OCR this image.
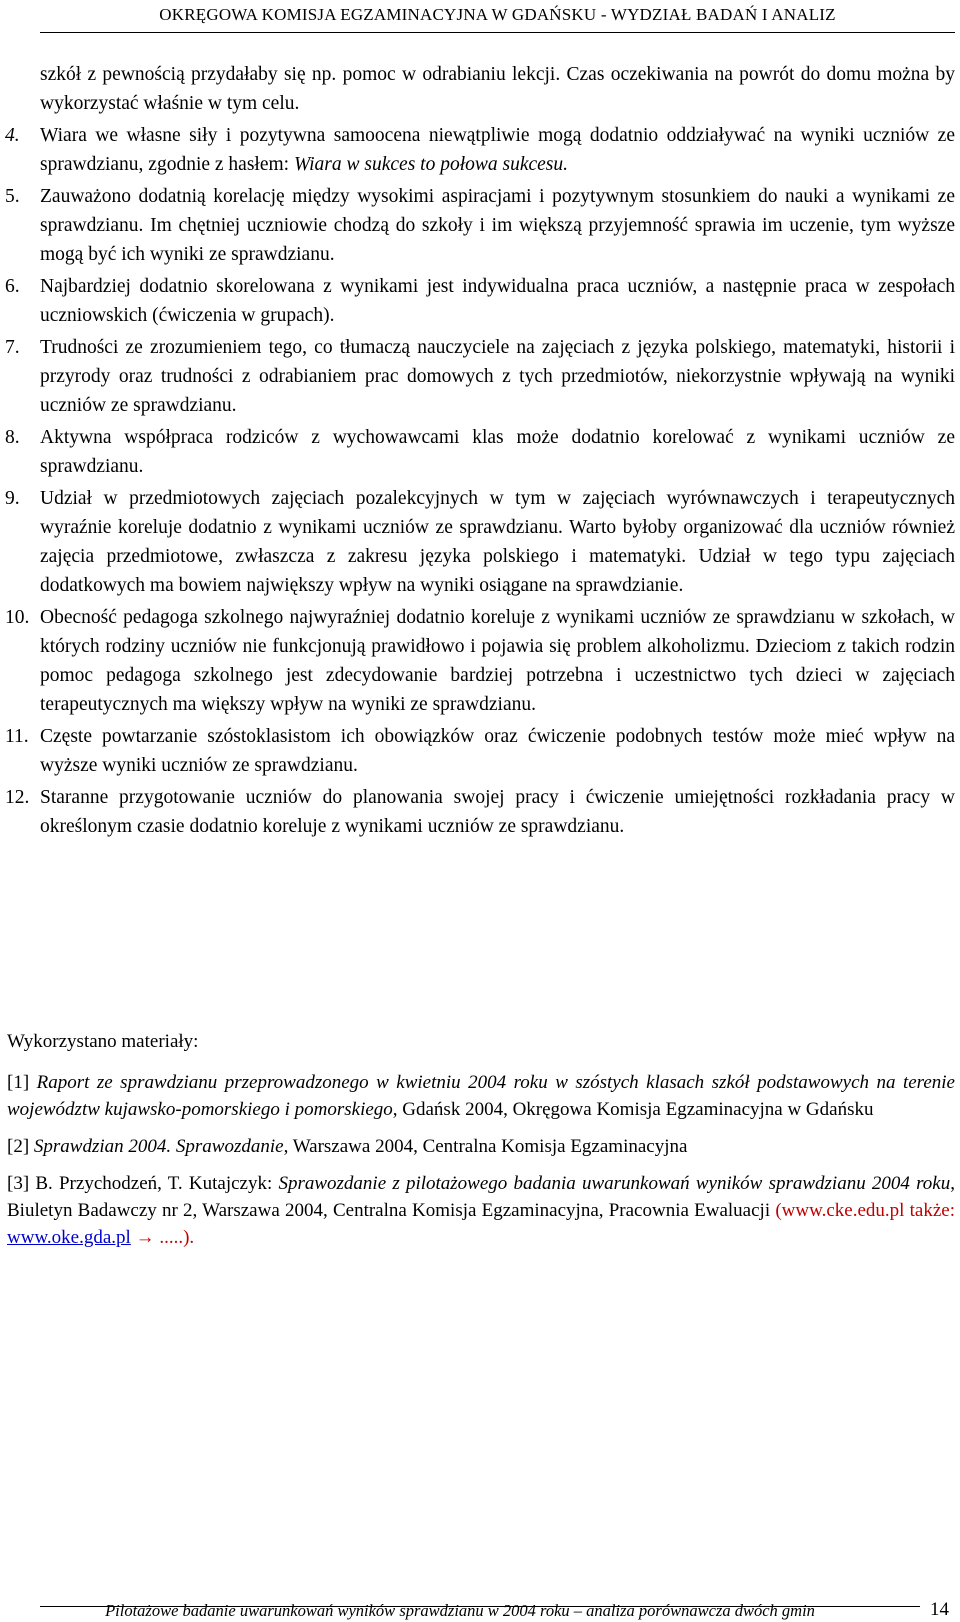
OKRĘGOWA KOMISJA EGZAMINACYJNA W GDAŃSKU - WYDZIAŁ BADAŃ I ANALIZ

szkół z pewnością przydałaby się np. pomoc w odrabianiu lekcji. Czas oczekiwania na powrót do domu można by wykorzystać właśnie w tym celu.

4.	Wiara we własne siły i pozytywna samoocena niewątpliwie mogą dodatnio oddziaływać na wyniki uczniów ze sprawdzianu, zgodnie z hasłem: Wiara w sukces to połowa sukcesu.
5.	Zauważono dodatnią korelację między wysokimi aspiracjami i pozytywnym stosunkiem do nauki a wynikami ze sprawdzianu. Im chętniej uczniowie chodzą do szkoły i im większą przyjemność sprawia im uczenie, tym wyższe mogą być ich wyniki ze sprawdzianu.
6.	Najbardziej dodatnio skorelowana z wynikami jest indywidualna praca uczniów, a następnie praca w zespołach uczniowskich (ćwiczenia w grupach).
7.	Trudności ze zrozumieniem tego, co tłumaczą nauczyciele na zajęciach z języka polskiego, matematyki, historii i przyrody oraz trudności z odrabianiem prac domowych z tych przedmiotów, niekorzystnie wpływają na wyniki uczniów ze sprawdzianu.
8.	Aktywna współpraca rodziców z wychowawcami klas może dodatnio korelować z wynikami uczniów ze sprawdzianu.
9.	Udział w przedmiotowych zajęciach pozalekcyjnych w tym w zajęciach wyrównawczych i terapeutycznych wyraźnie koreluje dodatnio z wynikami uczniów ze sprawdzianu. Warto byłoby organizować dla uczniów również zajęcia przedmiotowe, zwłaszcza z zakresu języka polskiego i matematyki. Udział w tego typu zajęciach dodatkowych ma bowiem największy wpływ na wyniki osiągane na sprawdzianie.
10. Obecność pedagoga szkolnego najwyraźniej dodatnio koreluje z wynikami uczniów ze sprawdzianu w szkołach, w których rodziny uczniów nie funkcjonują prawidłowo i pojawia się problem alkoholizmu. Dzieciom z takich rodzin pomoc pedagoga szkolnego jest zdecydowanie bardziej potrzebna i uczestnictwo tych dzieci w zajęciach terapeutycznych ma większy wpływ na wyniki ze sprawdzianu.
11. Częste powtarzanie szóstoklasistom ich obowiązków oraz ćwiczenie podobnych testów może mieć wpływ na wyższe wyniki uczniów ze sprawdzianu.
12. Staranne przygotowanie uczniów do planowania swojej pracy i ćwiczenie umiejętności rozkładania pracy w określonym czasie dodatnio koreluje z wynikami uczniów ze sprawdzianu.

Wykorzystano materiały:

[1] Raport ze sprawdzianu przeprowadzonego w kwietniu 2004 roku w szóstych klasach szkół podstawowych na terenie województw kujawsko-pomorskiego i pomorskiego, Gdańsk 2004, Okręgowa Komisja Egzaminacyjna w Gdańsku

[2] Sprawdzian 2004. Sprawozdanie, Warszawa 2004, Centralna Komisja Egzaminacyjna

[3] B. Przychodzeń, T. Kutajczyk: Sprawozdanie z pilotażowego badania uwarunkowań wyników sprawdzianu 2004 roku, Biuletyn Badawczy nr 2, Warszawa 2004, Centralna Komisja Egzaminacyjna, Pracownia Ewaluacji (www.cke.edu.pl także: www.oke.gda.pl → .....).

Pilotażowe badanie uwarunkowań wyników sprawdzianu w 2004 roku – analiza porównawcza dwóch gmin	14
